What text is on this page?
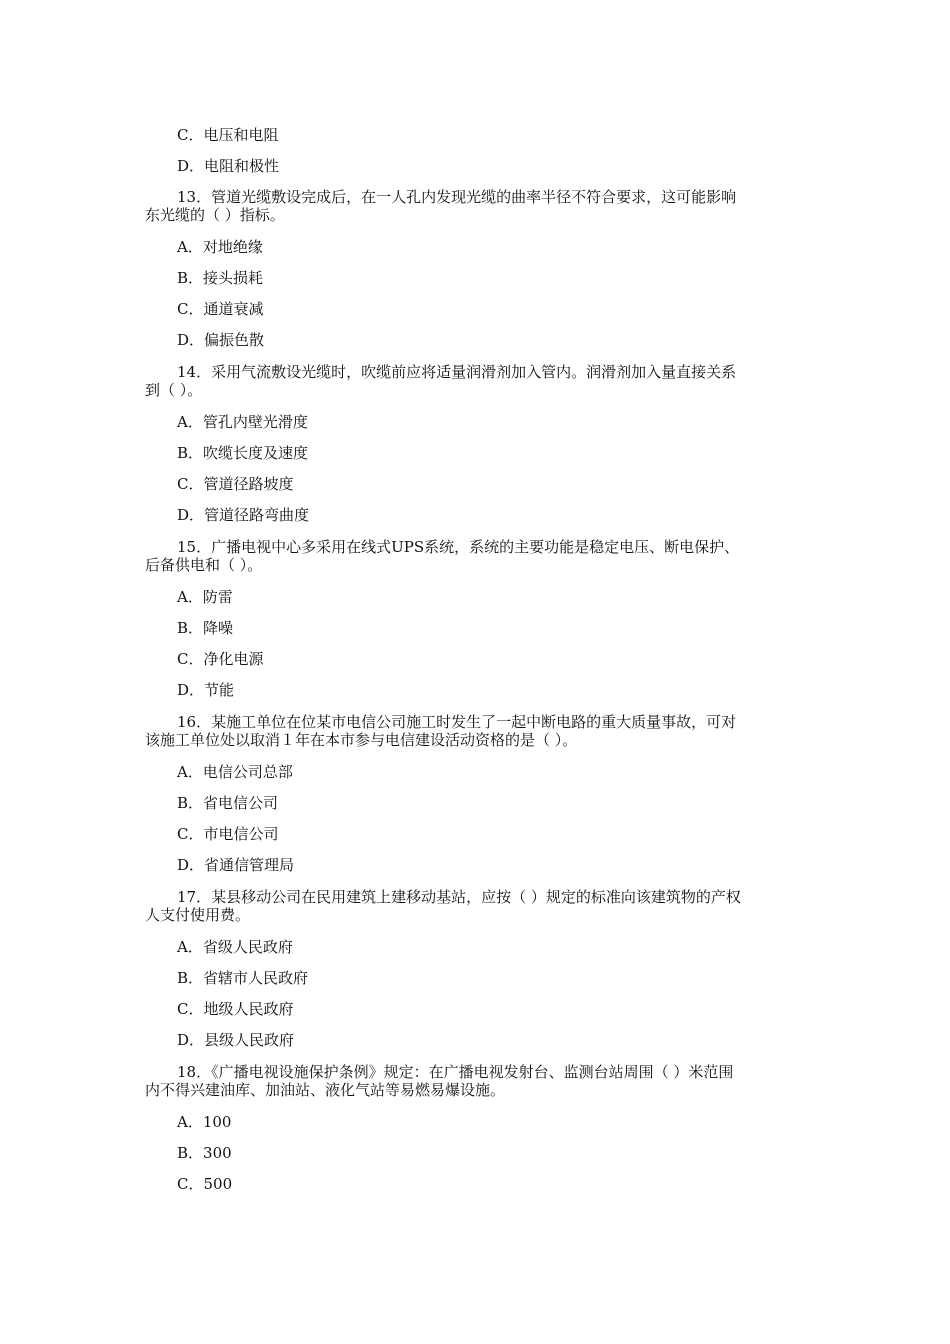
C．电压和电阻
D．电阻和极性
13．管道光缆敷设完成后，在一人孔内发现光缆的曲率半径不符合要求，这可能影响
东光缆的（ ）指标。
A．对地绝缘
B．接头损耗
C．通道衰减
D．偏振色散
14．采用气流敷设光缆时，吹缆前应将适量润滑剂加入管内。润滑剂加入量直接关系
到（ ）。
A．管孔内壁光滑度
B．吹缆长度及速度
C．管道径路坡度
D．管道径路弯曲度
15．广播电视中心多采用在线式UPS系统，系统的主要功能是稳定电压、断电保护、
后备供电和（ ）。
A．防雷
B．降噪
C．净化电源
D．节能
16．某施工单位在位某市电信公司施工时发生了一起中断电路的重大质量事故，可对
该施工单位处以取消１年在本市参与电信建设活动资格的是（ ）。
A．电信公司总部
B．省电信公司
C．市电信公司
D．省通信管理局
17．某县移动公司在民用建筑上建移动基站，应按（ ）规定的标准向该建筑物的产权
人支付使用费。
A．省级人民政府
B．省辖市人民政府
C．地级人民政府
D．县级人民政府
18．《广播电视设施保护条例》规定：在广播电视发射台、监测台站周围（ ）米范围
内不得兴建油库、加油站、液化气站等易燃易爆设施。
A．100
B．300
C．500
